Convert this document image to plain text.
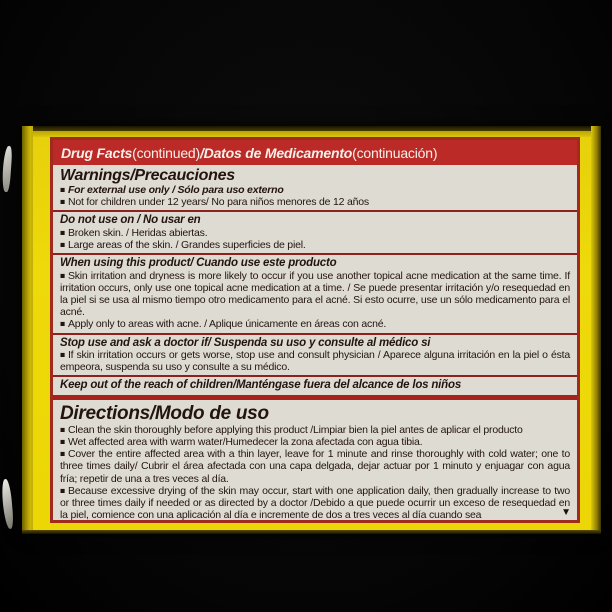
Drug Facts (continued) /Datos de Medicamento (continuación)
Warnings/Precauciones
■ For external use only / Sólo para uso externo
■ Not for children under 12 years/ No para niños menores de 12 años
Do not use on / No usar en
■ Broken skin. / Heridas abiertas.
■ Large areas of the skin. / Grandes superficies de piel.
When using this product/ Cuando use este producto
■ Skin irritation and dryness is more likely to occur if you use another topical acne medication at the same time. If irritation occurs, only use one topical acne medication at a time. / Se puede presentar irritación y/o resequedad en la piel si se usa al mismo tiempo otro medicamento para el acné. Si esto ocurre, use un sólo medicamento para el acné.
■ Apply only to areas with acne. / Aplique únicamente en áreas con acné.
Stop use and ask a doctor if/ Suspenda su uso y consulte al médico si
■ If skin irritation occurs or gets worse, stop use and consult physician / Aparece alguna irritación en la piel o ésta empeora, suspenda su uso y consulte a su médico.
Keep out of the reach of children/Manténgase fuera del alcance de los niños
Directions/Modo de uso
■ Clean the skin thoroughly before applying this product /Limpiar bien la piel antes de aplicar el producto
■ Wet affected area with warm water/Humedecer la zona afectada con agua tibia.
■ Cover the entire affected area with a thin layer, leave for 1 minute and rinse thoroughly with cold water; one to three times daily/ Cubrir el área afectada con una capa delgada, dejar actuar por 1 minuto y enjuagar con agua fría; repetir de una a tres veces al día.
■ Because excessive drying of the skin may occur, start with one application daily, then gradually increase to two or three times daily if needed or as directed by a doctor /Debido a que puede ocurrir un exceso de resequedad en la piel, comience con una aplicación al día e incremente de dos a tres veces al día cuando sea	▼
